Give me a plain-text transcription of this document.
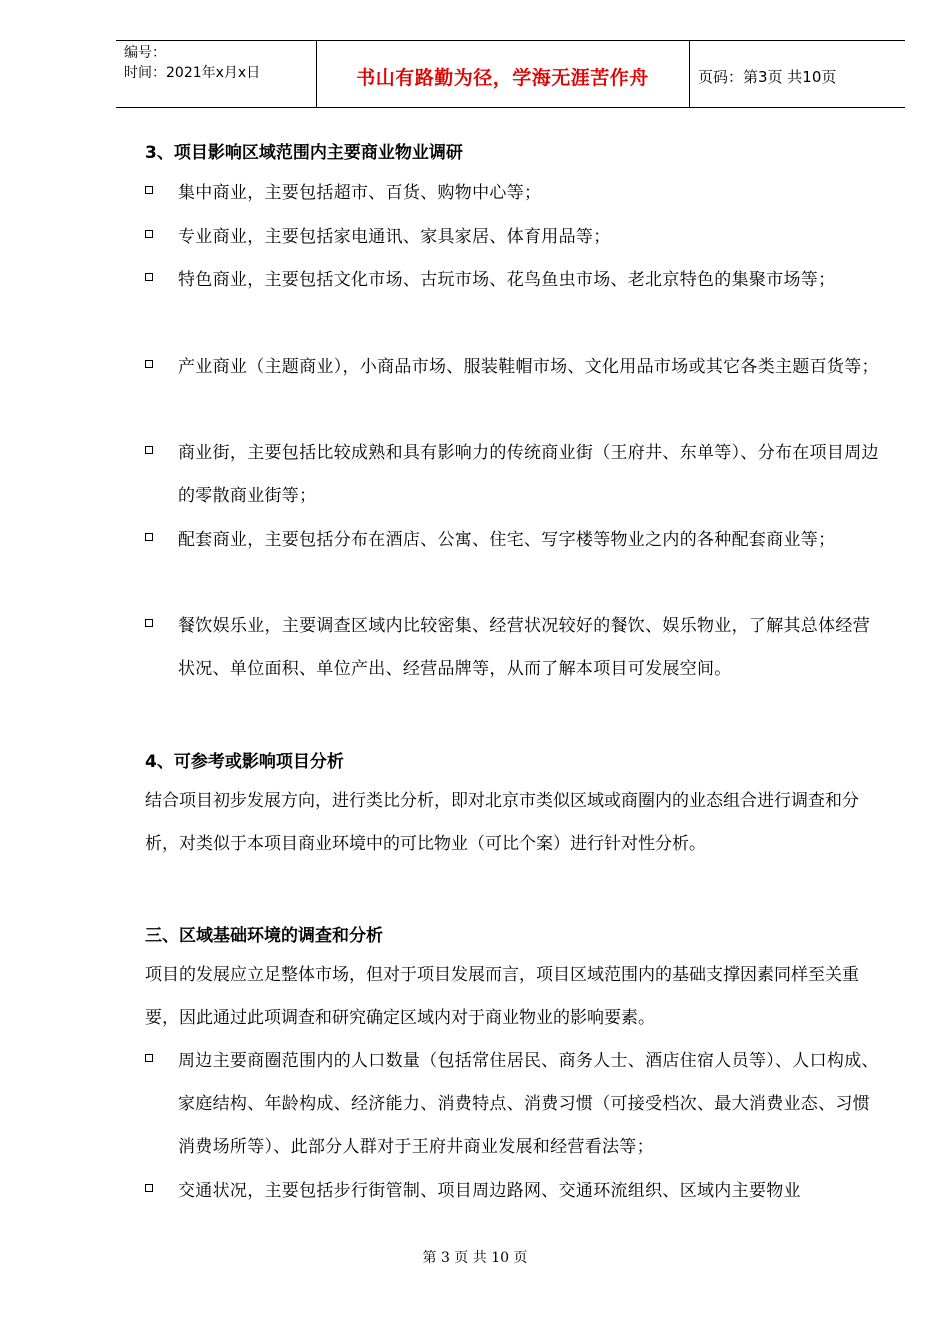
编号：
时间：2021年x月x日	书山有路勤为径，学海无涯苦作舟	页码：第3页 共10页
3、项目影响区域范围内主要商业物业调研
集中商业，主要包括超市、百货、购物中心等；
专业商业，主要包括家电通讯、家具家居、体育用品等；
特色商业，主要包括文化市场、古玩市场、花鸟鱼虫市场、老北京特色的集聚市场等；
产业商业（主题商业），小商品市场、服装鞋帽市场、文化用品市场或其它各类主题百货等；
商业街，主要包括比较成熟和具有影响力的传统商业街（王府井、东单等）、分布在项目周边的零散商业街等；
配套商业，主要包括分布在酒店、公寓、住宅、写字楼等物业之内的各种配套商业等；
餐饮娱乐业，主要调查区域内比较密集、经营状况较好的餐饮、娱乐物业，了解其总体经营状况、单位面积、单位产出、经营品牌等，从而了解本项目可发展空间。
4、可参考或影响项目分析
结合项目初步发展方向，进行类比分析，即对北京市类似区域或商圈内的业态组合进行调查和分析，对类似于本项目商业环境中的可比物业（可比个案）进行针对性分析。
三、区域基础环境的调查和分析
项目的发展应立足整体市场，但对于项目发展而言，项目区域范围内的基础支撑因素同样至关重要，因此通过此项调查和研究确定区域内对于商业物业的影响要素。
周边主要商圈范围内的人口数量（包括常住居民、商务人士、酒店住宿人员等）、人口构成、家庭结构、年龄构成、经济能力、消费特点、消费习惯（可接受档次、最大消费业态、习惯消费场所等）、此部分人群对于王府井商业发展和经营看法等；
交通状况，主要包括步行街管制、项目周边路网、交通环流组织、区域内主要物业
第 3 页 共 10 页
